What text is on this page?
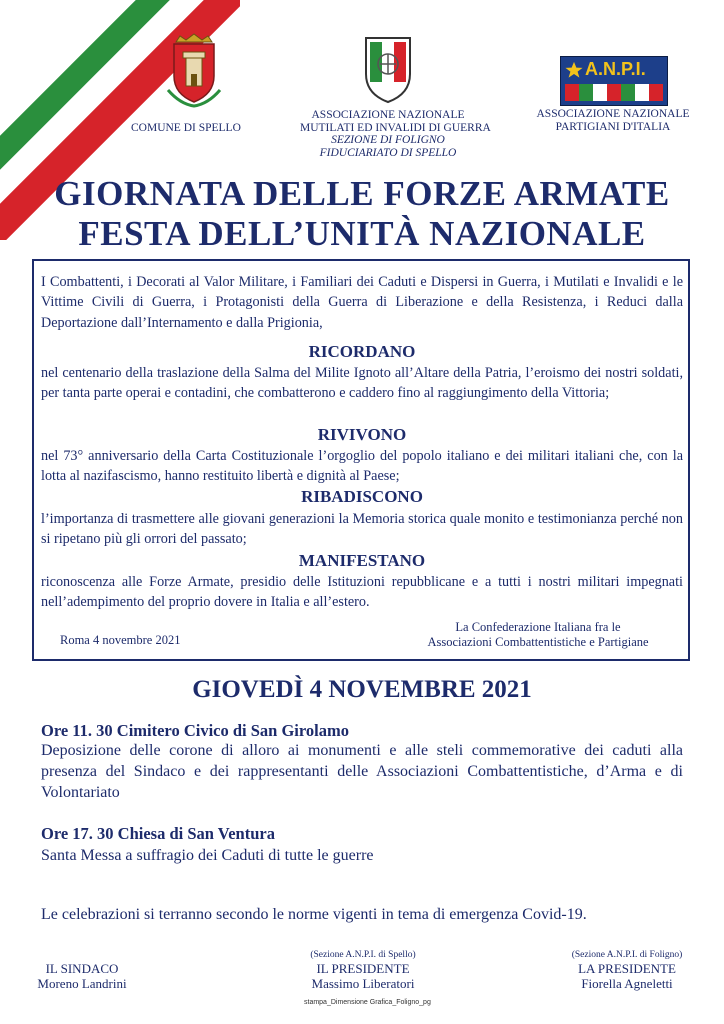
COMUNE DI SPELLO
ASSOCIAZIONE NAZIONALE
MUTILATI ED INVALIDI DI GUERRA
SEZIONE DI FOLIGNO
FIDUCIARIATO DI SPELLO
A.N.P.I.
ASSOCIAZIONE NAZIONALE
PARTIGIANI D'ITALIA
GIORNATA DELLE FORZE ARMATE
FESTA DELL’UNITÀ NAZIONALE
I Combattenti, i Decorati al Valor Militare, i Familiari dei Caduti e Dispersi in Guerra, i Mutilati e Invalidi e le Vittime Civili di Guerra, i Protagonisti della Guerra di Liberazione e della Resistenza, i Reduci dalla Deportazione dall’Internamento e dalla Prigionia,
RICORDANO
nel centenario della traslazione della Salma del Milite Ignoto all’Altare della Patria, l’eroismo dei nostri soldati, per tanta parte operai e contadini, che combatterono e caddero fino al raggiungimento della Vittoria;
RIVIVONO
nel 73° anniversario della Carta Costituzionale l’orgoglio del popolo italiano e dei militari italiani che, con la lotta al nazifascismo, hanno restituito libertà e dignità al Paese;
RIBADISCONO
l’importanza di trasmettere alle giovani generazioni la Memoria storica quale monito e testimonianza perché non si ripetano più gli orrori del passato;
MANIFESTANO
riconoscenza alle Forze Armate, presidio delle Istituzioni repubblicane e a tutti i nostri militari impegnati nell’adempimento del proprio dovere in Italia e all’estero.
Roma 4 novembre 2021
La Confederazione Italiana fra le
Associazioni Combattentistiche e Partigiane
GIOVEDÌ 4 NOVEMBRE 2021
Ore 11. 30 Cimitero Civico di San Girolamo
Deposizione delle corone di alloro ai monumenti e alle steli commemorative dei caduti alla presenza del Sindaco e dei rappresentanti delle Associazioni Combattentistiche, d’Arma e di Volontariato
Ore 17. 30 Chiesa di San Ventura
Santa Messa a suffragio dei Caduti di tutte le guerre
Le celebrazioni si terranno secondo le norme vigenti in tema di emergenza Covid-19.
IL SINDACO
Moreno Landrini
(Sezione A.N.P.I. di Spello)
IL PRESIDENTE
Massimo Liberatori
(Sezione A.N.P.I. di Foligno)
LA PRESIDENTE
Fiorella Agneletti
stampa_Dimensione Grafica_Foligno_pg
